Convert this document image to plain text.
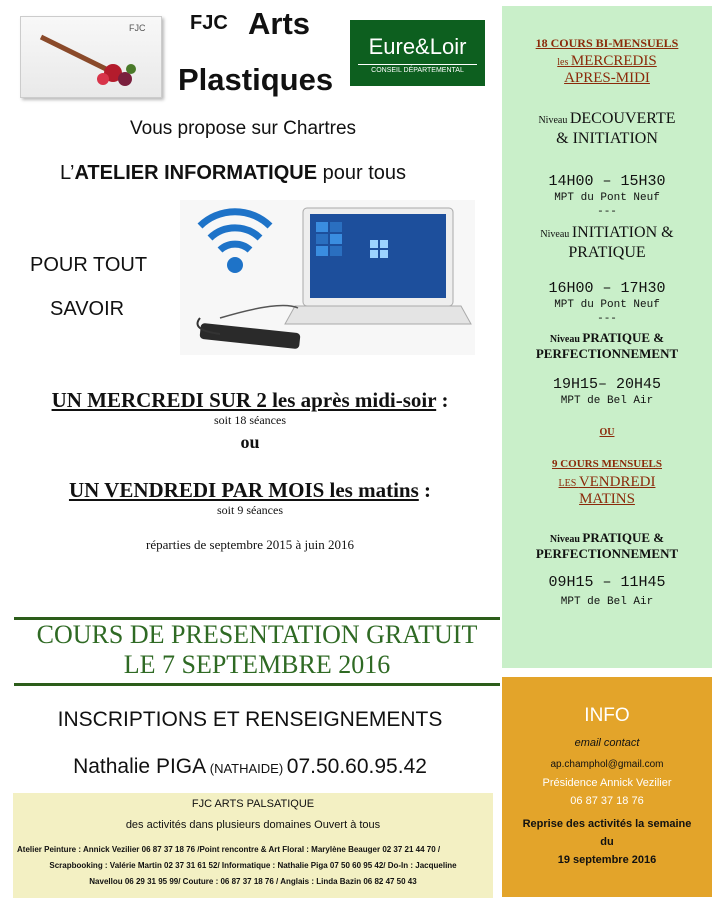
FJC FJC Arts
Plastiques
Eure&Loir
CONSEIL DÉPARTEMENTAL
Vous propose sur Chartres
L’ATELIER INFORMATIQUE pour tous
POUR TOUT
SAVOIR
UN MERCREDI SUR 2 les après midi-soir :
soit 18 séances
ou
UN VENDREDI PAR MOIS les matins :
soit 9 séances
réparties de septembre 2015 à juin 2016
COURS DE PRESENTATION GRATUIT
LE 7 SEPTEMBRE 2016
INSCRIPTIONS ET RENSEIGNEMENTS
Nathalie PIGA (NATHAIDE) 07.50.60.95.42
FJC ARTS PALSATIQUE
des activités dans plusieurs domaines Ouvert à tous
Atelier Peinture : Annick Vezilier 06 87 37 18 76 /Point rencontre & Art Floral : Marylène Beauger 02 37 21 44 70 /
Scrapbooking : Valérie Martin 02 37 31 61 52/ Informatique : Nathalie Piga 07 50 60 95 42/ Do-In : Jacqueline
Navellou 06 29 31 95 99/ Couture : 06 87 37 18 76 / Anglais : Linda Bazin 06 82 47 50 43
18 COURS BI-MENSUELS
les MERCREDIS
APRES-MIDI
Niveau DECOUVERTE
& INITIATION
14H00 – 15H30
MPT du Pont Neuf
---
Niveau INITIATION &
PRATIQUE
16H00 – 17H30
MPT du Pont Neuf
---
Niveau PRATIQUE &
PERFECTIONNEMENT
19H15– 20H45
MPT de Bel Air
OU
9 COURS MENSUELS
LES VENDREDI
MATINS
Niveau PRATIQUE &
PERFECTIONNEMENT
09H15 – 11H45
MPT de Bel Air
INFO
email contact
ap.champhol@gmail.com
Présidence Annick Vezilier
06 87 37 18 76
Reprise des activités la semaine
du
19 septembre 2016
